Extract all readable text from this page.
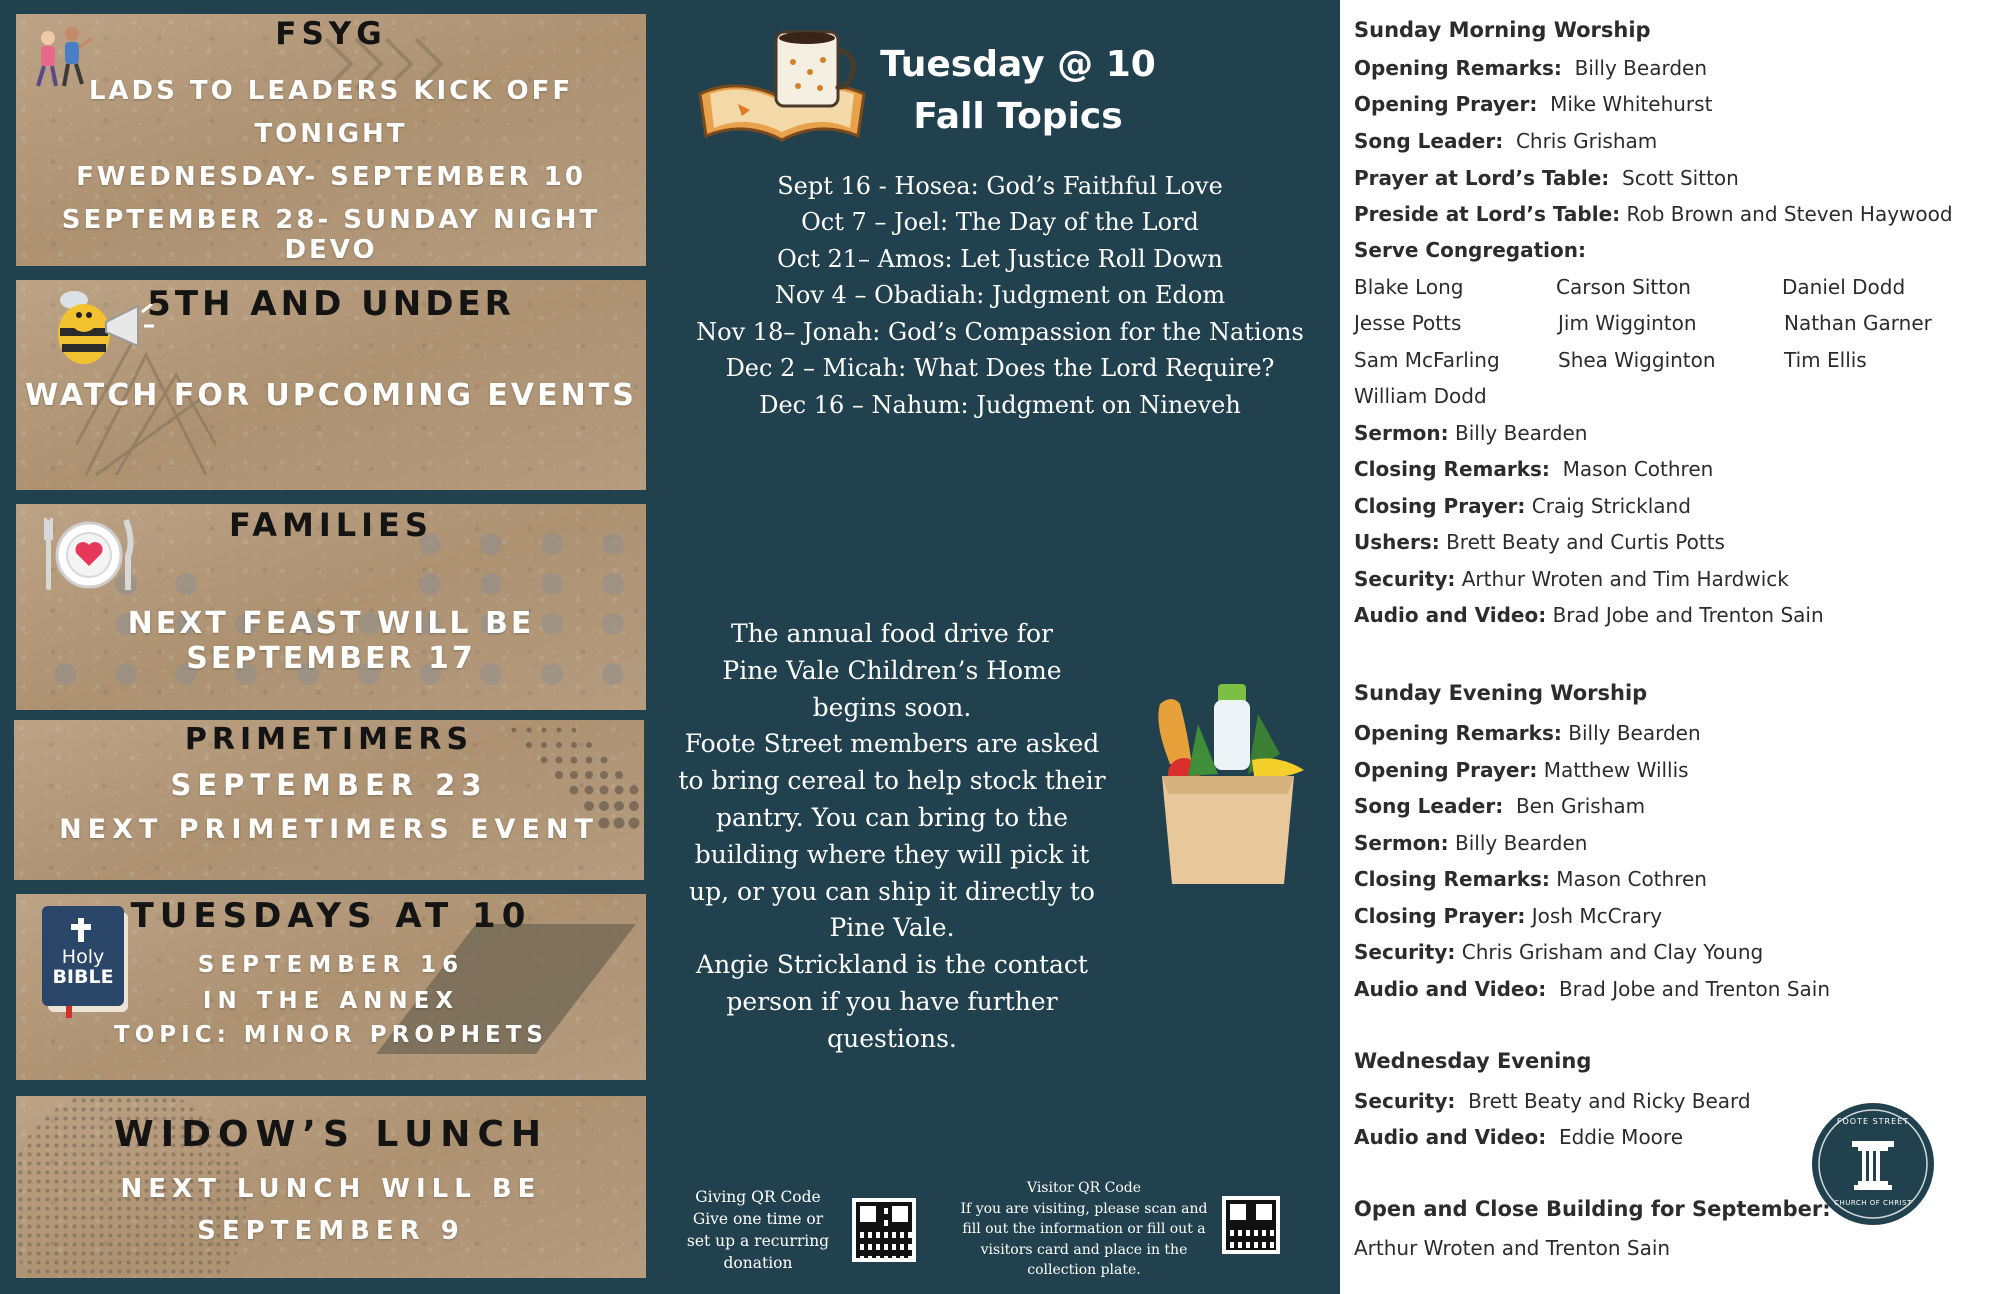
FSYG
LADS TO LEADERS KICK OFF
TONIGHT
FWEDNESDAY- SEPTEMBER 10
SEPTEMBER 28- SUNDAY NIGHT DEVO
5TH AND UNDER
WATCH FOR UPCOMING EVENTS
FAMILIES
NEXT FEAST WILL BE SEPTEMBER 17
PRIMETIMERS
SEPTEMBER 23
NEXT PRIMETIMERS EVENT
Holy
BIBLE
TUESDAYS AT 10
SEPTEMBER 16
IN THE ANNEX
TOPIC: MINOR PROPHETS
WIDOW’S LUNCH
NEXT LUNCH WILL BE
SEPTEMBER 9
Tuesday @ 10
Fall Topics
Sept 16 - Hosea: God’s Faithful Love
Oct 7 – Joel: The Day of the Lord
Oct 21– Amos: Let Justice Roll Down
Nov 4 – Obadiah: Judgment on Edom
Nov 18– Jonah: God’s Compassion for the Nations
Dec 2 – Micah: What Does the Lord Require?
Dec 16 – Nahum: Judgment on Nineveh
The annual food drive for
Pine Vale Children’s Home
begins soon.
Foote Street members are asked
to bring cereal to help stock their
pantry. You can bring to the
building where they will pick it
up, or you can ship it directly to
Pine Vale.
Angie Strickland is the contact
person if you have further
questions.
Giving QR Code
Give one time or
set up a recurring
donation
Visitor QR Code
If you are visiting, please scan and
fill out the information or fill out a
visitors card and place in the
collection plate.
Sunday Morning Worship
Opening Remarks: Billy Bearden
Opening Prayer: Mike Whitehurst
Song Leader: Chris Grisham
Prayer at Lord’s Table: Scott Sitton
Preside at Lord’s Table: Rob Brown and Steven Haywood
Serve Congregation:
Blake Long	Carson Sitton	Daniel Dodd
Jesse Potts	Jim Wigginton	Nathan Garner
Sam McFarling	Shea Wigginton	Tim Ellis
William Dodd
Sermon: Billy Bearden
Closing Remarks: Mason Cothren
Closing Prayer: Craig Strickland
Ushers: Brett Beaty and Curtis Potts
Security: Arthur Wroten and Tim Hardwick
Audio and Video: Brad Jobe and Trenton Sain
Sunday Evening Worship
Opening Remarks: Billy Bearden
Opening Prayer: Matthew Willis
Song Leader: Ben Grisham
Sermon: Billy Bearden
Closing Remarks: Mason Cothren
Closing Prayer: Josh McCrary
Security: Chris Grisham and Clay Young
Audio and Video: Brad Jobe and Trenton Sain
Wednesday Evening
Security: Brett Beaty and Ricky Beard
Audio and Video: Eddie Moore
Open and Close Building for September:
Arthur Wroten and Trenton Sain
FOOTE STREET
CHURCH OF CHRIST
